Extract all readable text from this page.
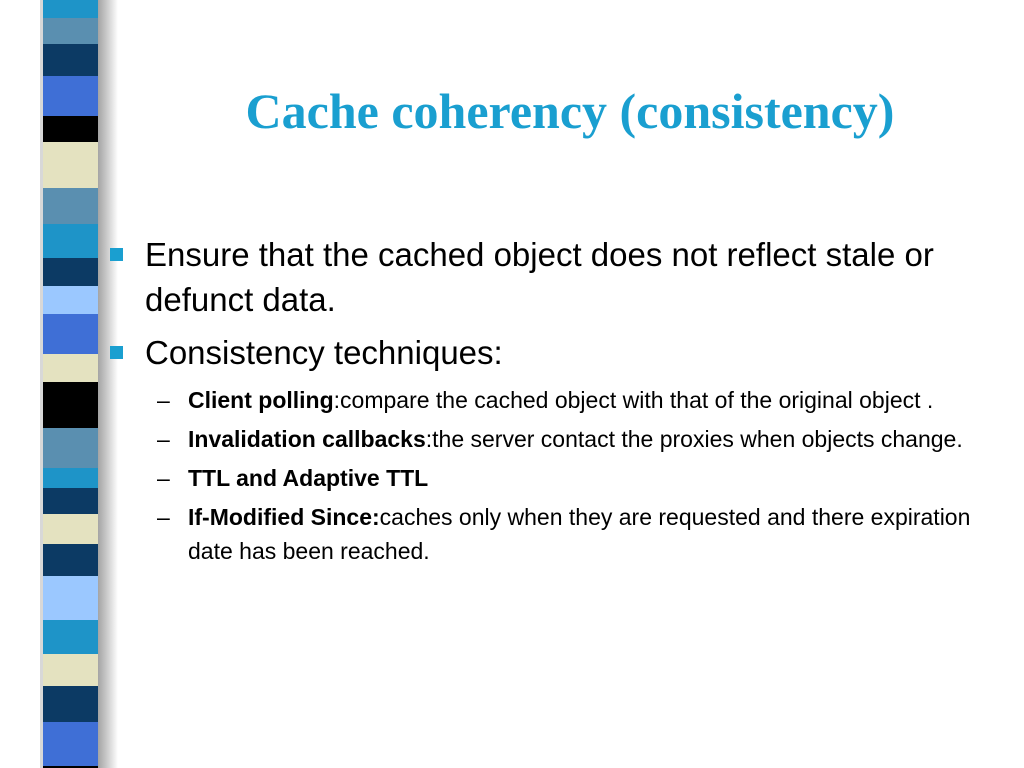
Cache coherency (consistency)
Ensure that the cached object does not reflect stale or defunct data.
Consistency techniques:
– Client polling:compare the cached object with that of the original object .
– Invalidation callbacks:the server contact the proxies when objects change.
– TTL and Adaptive TTL
– If-Modified Since:caches only when they are requested and there expiration date has been reached.
